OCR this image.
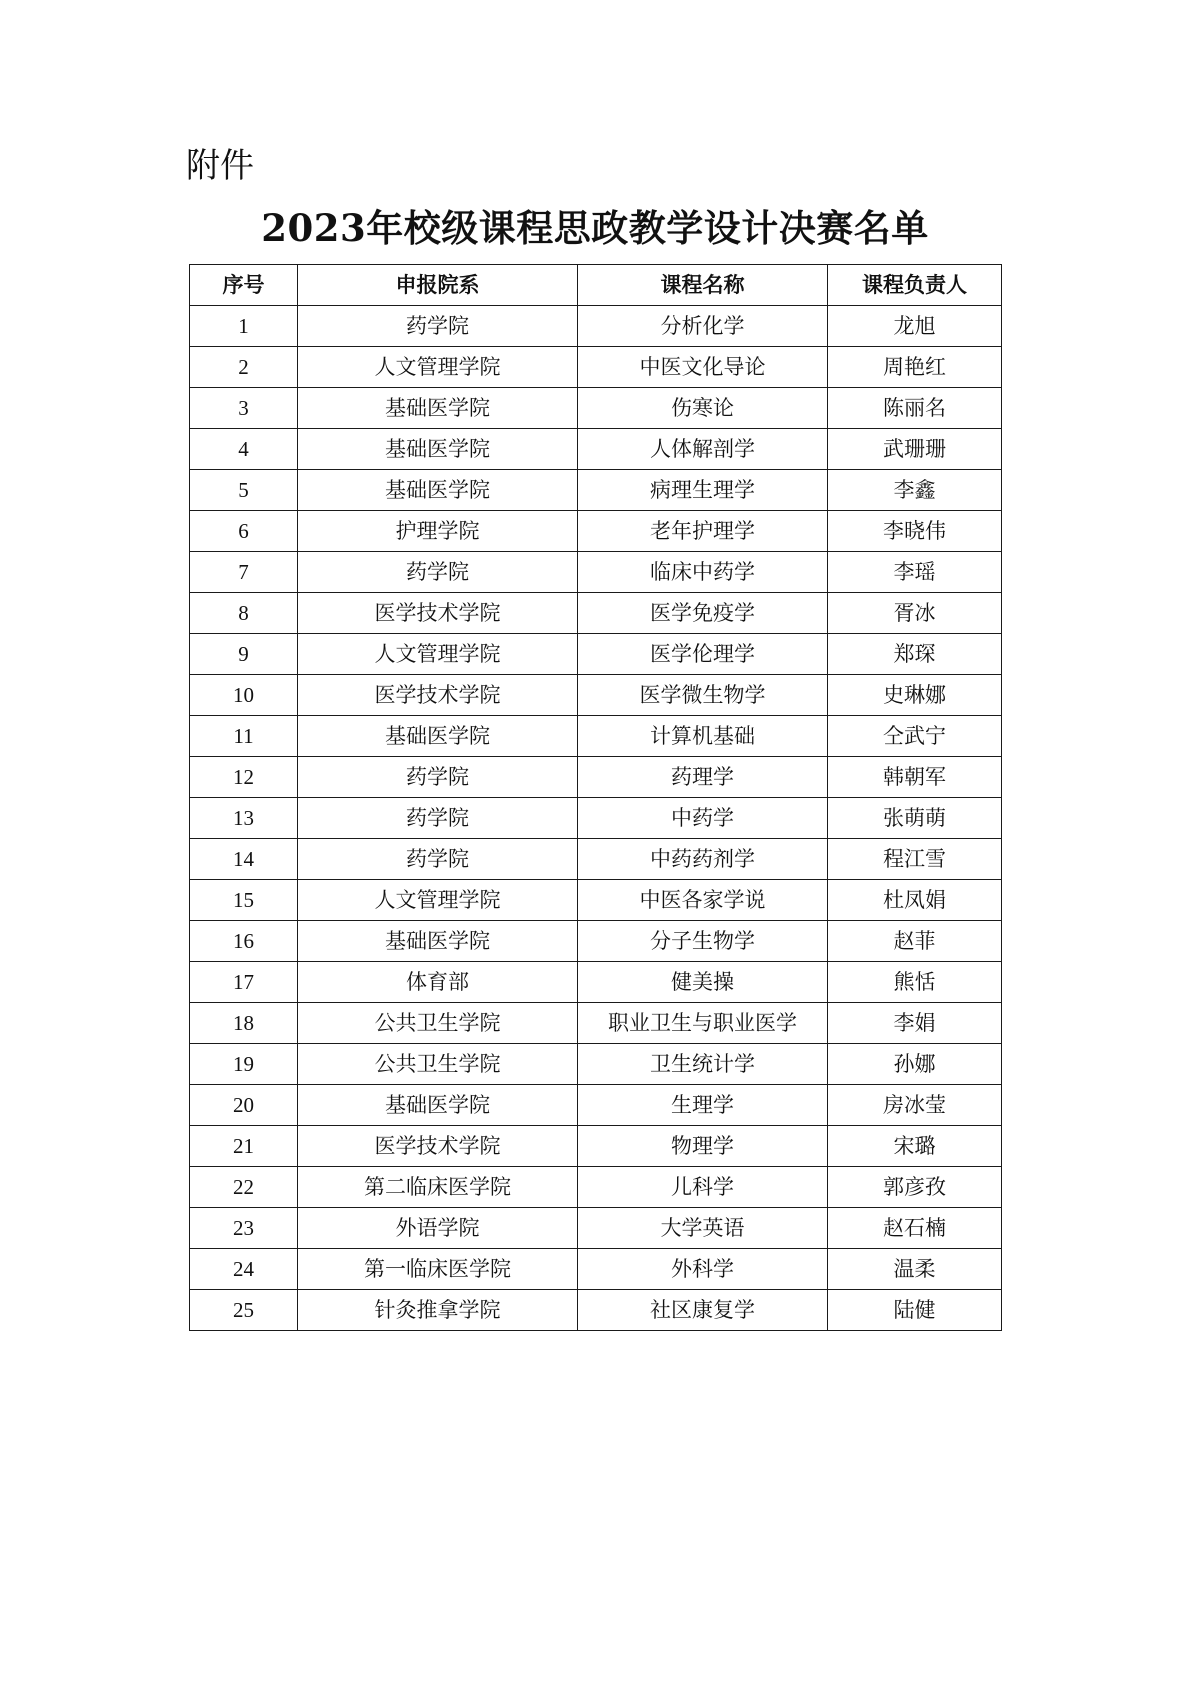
附件
2023年校级课程思政教学设计决赛名单
序号	申报院系	课程名称	课程负责人
1	药学院	分析化学	龙旭
2	人文管理学院	中医文化导论	周艳红
3	基础医学院	伤寒论	陈丽名
4	基础医学院	人体解剖学	武珊珊
5	基础医学院	病理生理学	李鑫
6	护理学院	老年护理学	李晓伟
7	药学院	临床中药学	李瑶
8	医学技术学院	医学免疫学	胥冰
9	人文管理学院	医学伦理学	郑琛
10	医学技术学院	医学微生物学	史琳娜
11	基础医学院	计算机基础	仝武宁
12	药学院	药理学	韩朝军
13	药学院	中药学	张萌萌
14	药学院	中药药剂学	程江雪
15	人文管理学院	中医各家学说	杜凤娟
16	基础医学院	分子生物学	赵菲
17	体育部	健美操	熊恬
18	公共卫生学院	职业卫生与职业医学	李娟
19	公共卫生学院	卫生统计学	孙娜
20	基础医学院	生理学	房冰莹
21	医学技术学院	物理学	宋璐
22	第二临床医学院	儿科学	郭彦孜
23	外语学院	大学英语	赵石楠
24	第一临床医学院	外科学	温柔
25	针灸推拿学院	社区康复学	陆健
